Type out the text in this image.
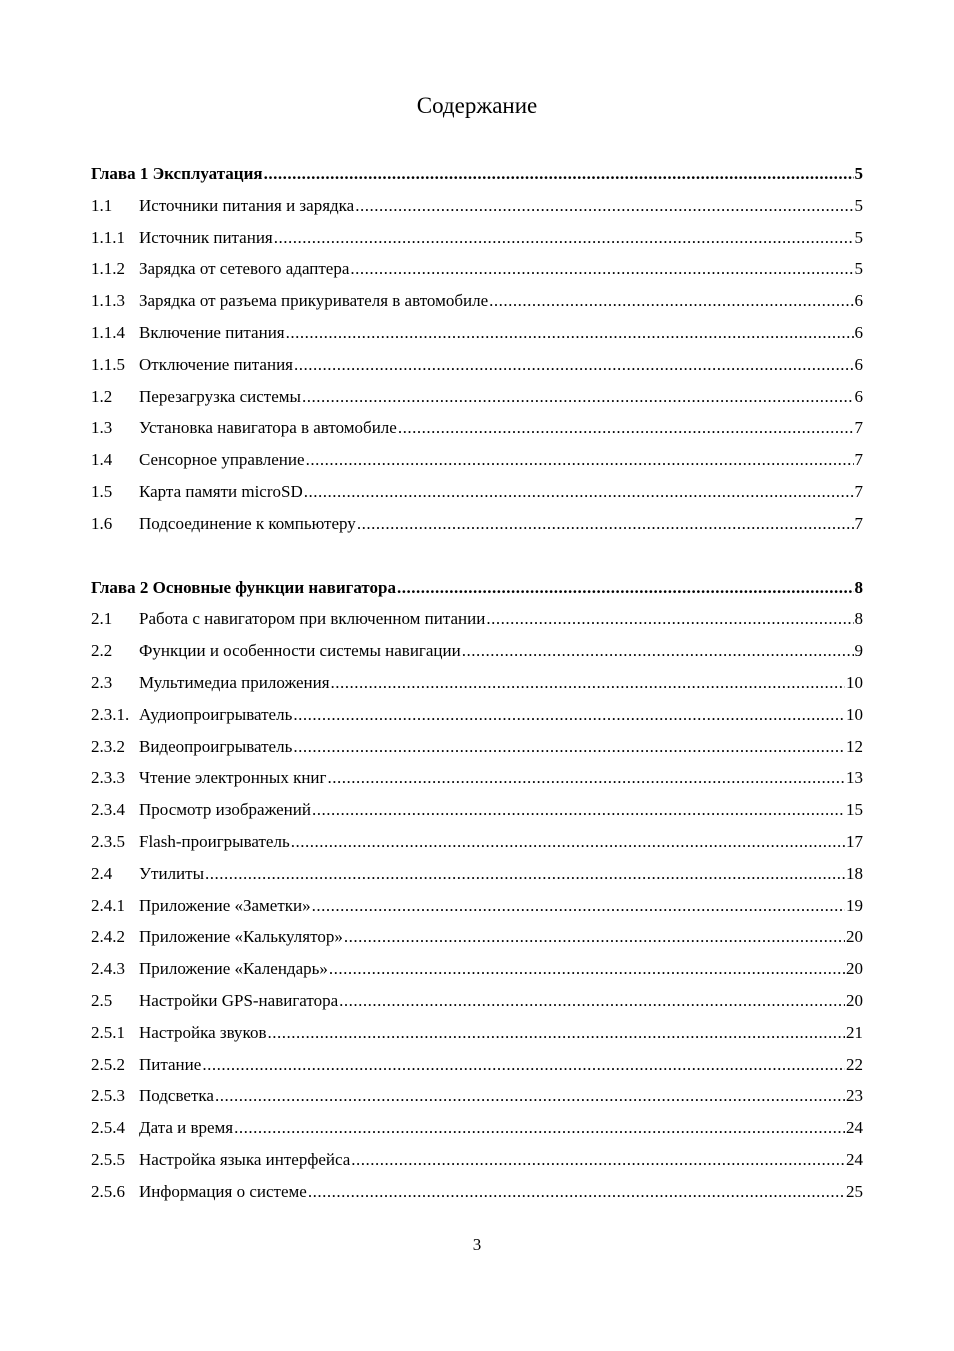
Содержание
Глава 1 Эксплуатация .....	5
1.1	Источники питания и зарядка .....	5
1.1.1 Источник питания .....	5
1.1.2 Зарядка от сетевого адаптера .....	5
1.1.3 Зарядка от разъема прикуривателя в автомобиле .....	6
1.1.4 Включение питания .....	6
1.1.5 Отключение питания .....	6
1.2	Перезагрузка системы .....	6
1.3	Установка навигатора в автомобиле .....	7
1.4	Сенсорное управление .....	7
1.5	Карта памяти microSD .....	7
1.6	Подсоединение к компьютеру .....	7
Глава 2 Основные функции навигатора .....	8
2.1	Работа с навигатором при включенном питании .....	8
2.2	Функции и особенности системы навигации .....	9
2.3	Мультимедиа приложения .....	10
2.3.1. Аудиопроигрыватель .....	10
2.3.2 Видеопроигрыватель .....	12
2.3.3 Чтение электронных книг .....	13
2.3.4 Просмотр изображений .....	15
2.3.5 Flash-проигрыватель .....	17
2.4	Утилиты .....	18
2.4.1 Приложение «Заметки» .....	19
2.4.2 Приложение «Калькулятор» .....	20
2.4.3 Приложение «Календарь» .....	20
2.5	Настройки GPS-навигатора .....	20
2.5.1 Настройка звуков .....	21
2.5.2 Питание .....	22
2.5.3 Подсветка .....	23
2.5.4 Дата и время .....	24
2.5.5 Настройка языка интерфейса .....	24
2.5.6 Информация о системе .....	25
3
